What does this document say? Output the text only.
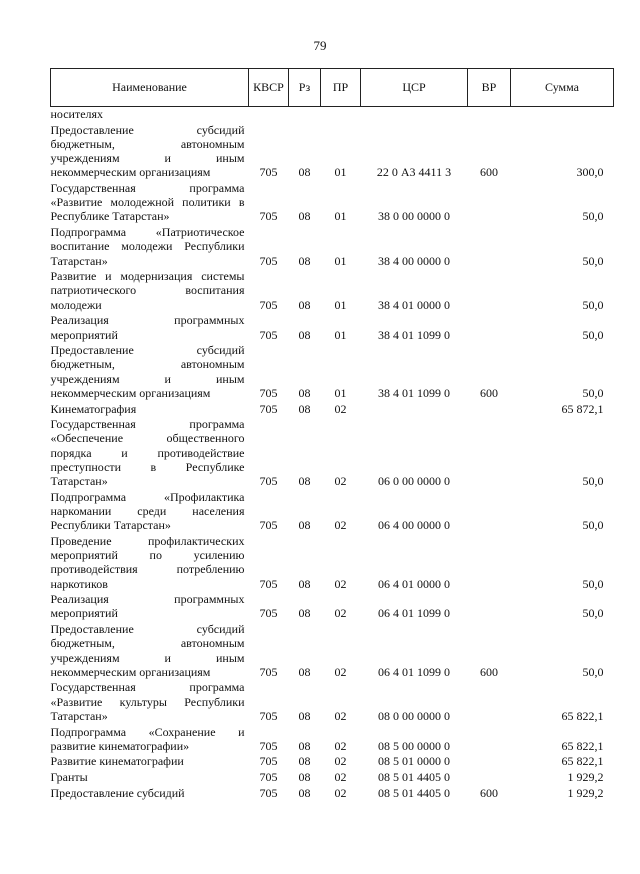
79
Наименование	КВСР	Рз	ПР	ЦСР	ВР	Сумма
носителях						

Предоставление субсидий бюджетным, автономным учреждениям и иным некоммерческим организациям	705	08	01	22 0 А3 4411 3	600	300,0

Государственная программа «Развитие молодежной политики в Республике Татарстан»	705	08	01	38 0 00 0000 0		50,0

Подпрограмма «Патриотическое воспитание молодежи Республики Татарстан»	705	08	01	38 4 00 0000 0		50,0

Развитие и модернизация системы патриотического воспитания молодежи	705	08	01	38 4 01 0000 0		50,0

Реализация программных мероприятий	705	08	01	38 4 01 1099 0		50,0

Предоставление субсидий бюджетным, автономным учреждениям и иным некоммерческим организациям	705	08	01	38 4 01 1099 0	600	50,0

Кинематография	705	08	02			65 872,1

Государственная программа «Обеспечение общественного порядка и противодействие преступности в Республике Татарстан»	705	08	02	06 0 00 0000 0		50,0

Подпрограмма «Профилактика наркомании среди населения Республики Татарстан»	705	08	02	06 4 00 0000 0		50,0

Проведение профилактических мероприятий по усилению противодействия потреблению наркотиков	705	08	02	06 4 01 0000 0		50,0

Реализация программных мероприятий	705	08	02	06 4 01 1099 0		50,0

Предоставление субсидий бюджетным, автономным учреждениям и иным некоммерческим организациям	705	08	02	06 4 01 1099 0	600	50,0

Государственная программа «Развитие культуры Республики Татарстан»	705	08	02	08 0 00 0000 0		65 822,1

Подпрограмма «Сохранение и развитие кинематографии»	705	08	02	08 5 00 0000 0		65 822,1

Развитие кинематографии	705	08	02	08 5 01 0000 0		65 822,1

Гранты	705	08	02	08 5 01 4405 0		1 929,2

Предоставление субсидий	705	08	02	08 5 01 4405 0	600	1 929,2
